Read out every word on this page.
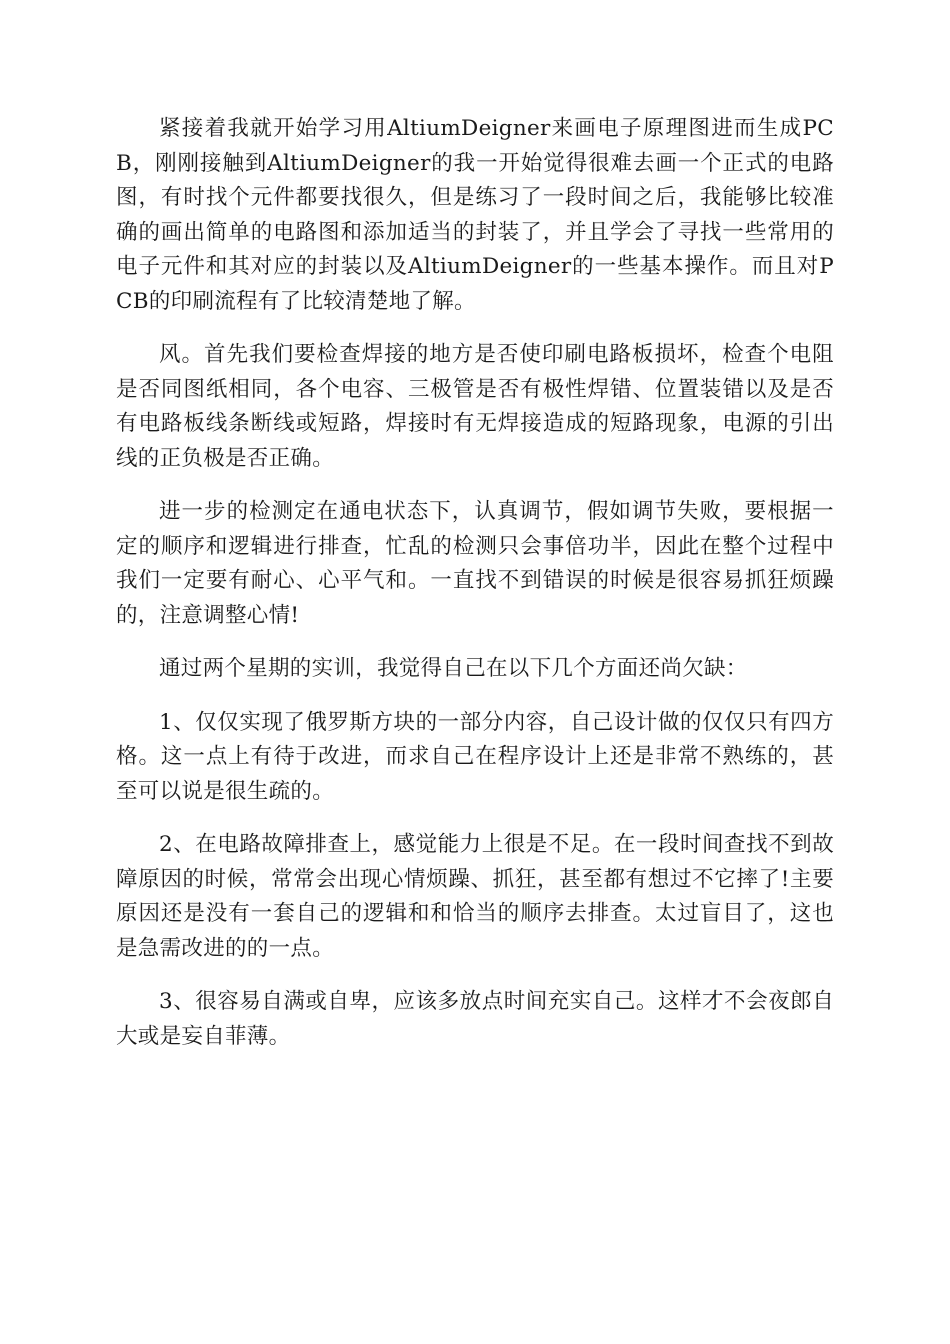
紧接着我就开始学习用AltiumDeigner来画电子原理图进而生成PCB，刚刚接触到AltiumDeigner的我一开始觉得很难去画一个正式的电路图，有时找个元件都要找很久，但是练习了一段时间之后，我能够比较准确的画出简单的电路图和添加适当的封装了，并且学会了寻找一些常用的电子元件和其对应的封装以及AltiumDeigner的一些基本操作。而且对PCB的印刷流程有了比较清楚地了解。

风。首先我们要检查焊接的地方是否使印刷电路板损坏，检查个电阻是否同图纸相同，各个电容、三极管是否有极性焊错、位置装错以及是否有电路板线条断线或短路，焊接时有无焊接造成的短路现象，电源的引出线的正负极是否正确。

进一步的检测定在通电状态下，认真调节，假如调节失败，要根据一定的顺序和逻辑进行排查，忙乱的检测只会事倍功半，因此在整个过程中我们一定要有耐心、心平气和。一直找不到错误的时候是很容易抓狂烦躁的，注意调整心情!

通过两个星期的实训，我觉得自己在以下几个方面还尚欠缺：

1、仅仅实现了俄罗斯方块的一部分内容，自己设计做的仅仅只有四方格。这一点上有待于改进，而求自己在程序设计上还是非常不熟练的，甚至可以说是很生疏的。

2、在电路故障排查上，感觉能力上很是不足。在一段时间查找不到故障原因的时候，常常会出现心情烦躁、抓狂，甚至都有想过不它摔了!主要原因还是没有一套自己的逻辑和和恰当的顺序去排查。太过盲目了，这也是急需改进的的一点。

3、很容易自满或自卑，应该多放点时间充实自己。这样才不会夜郎自大或是妄自菲薄。
